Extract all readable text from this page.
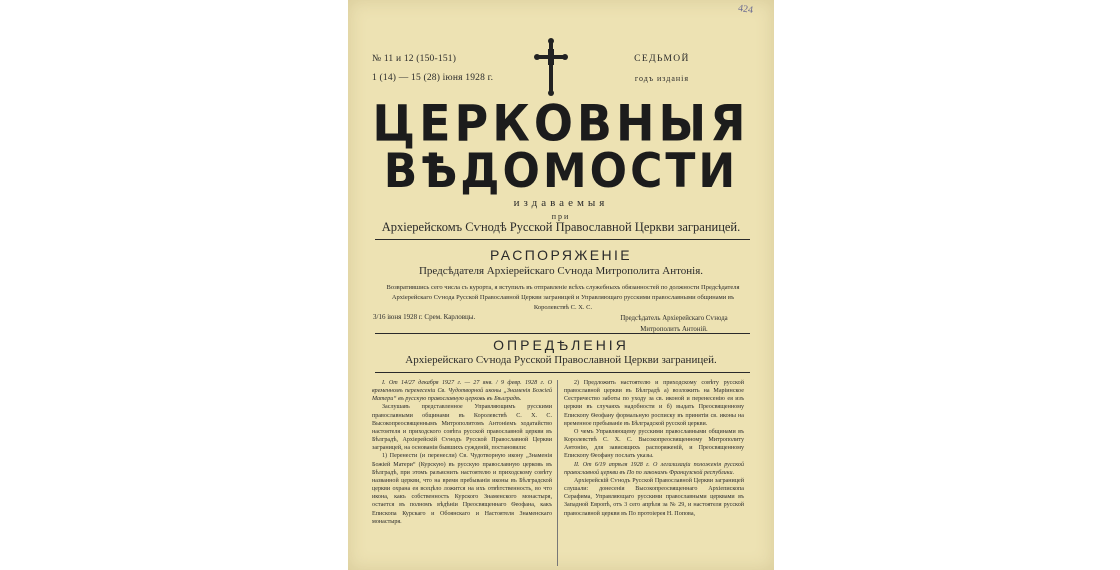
424
№ 11 и 12 (150-151)
1 (14) — 15 (28) iюня 1928 г.
СЕДЬМОЙ
годъ изданiя
ЦЕРКОВНЫЯ
ВѢДОМОСТИ
издаваемыя
при
Архiерейскомъ Сѵнодѣ Русской Православной Церкви заграницей.
РАСПОРЯЖЕНIЕ
Предсѣдателя Архiерейскаго Сѵнода Митрополита Антонiя.
Возвратившись сего числа съ курорта, я вступилъ въ отправленiе всѣхъ служебныхъ обязанностей по должности Предсѣдателя Архiерейскаго Сѵнода Русской Православной Церкви заграницей и Управляющаго русскими православными общинами въ Королевствѣ С. Х. С.
3/16 iюня 1928 г. Срем. Карловцы.	Предсѣдатель Архiерейскаго Сѵнода
Митрополитъ Антонiй.
ОПРЕДѢЛЕНIЯ
Архiерейскаго Сѵнода Русской Православной Церкви заграницей.

I. От 14/27 декабря 1927 г. — 27 янв. / 9 февр. 1928 г. О временномъ перенесенiи Св. Чудотворной иконы „Знаменiя Божiей Матери“ въ русскую православную церковь въ Бѣлградѣ.

Заслушавъ представленное Управляющимъ русскими православными общинами въ Королевствѣ С. Х. С. Высокопреосвященнымъ Митрополитомъ Антонiемъ ходатайство настоятеля и приходского совѣта русской православной церкви въ Бѣлградѣ, Архiерейскiй Сѵнодъ Русской Православной Церкви заграницей, на основанiи бывшихъ сужденiй, постановили:

1) Перенести (и перенесли) Св. Чудотворную икону „Знаменiя Божiей Матери“ (Курскую) въ русскую православную церковь въ Бѣлградѣ, при этомъ разъяснить настоятелю и приходскому совѣту названной церкви, что на время пребыванiя иконы въ Бѣлградской церкви охрана ея всецѣло ложится на ихъ отвѣтственность, во что икона, какъ собственность Курского Знаменского монастыря, остается въ полномъ вѣдѣнiи Преосвященнаго Ѳеофана, какъ Епископа Курскаго и Обоянскаго и Настоятеля Знаменскаго монастыря.

2) Предложить настоятелю и приходскому совѣту русской православной церкви въ Бѣлградѣ а) возложить на Марiинское Сестричество заботы по уходу за св. иконой и перенесенiю ея изъ церкви въ случаяхъ надобности и б) выдать Преосвященному Епископу Ѳеофану формальную росписку въ принятiи св. иконы на временное пребыванiе въ Бѣлградской русской церкви.

О чемъ Управляющему русскими православными общинами въ Королевствѣ С. Х. С. Высокопреосвященному Митрополиту Антонiю, для зависящихъ распоряженiй, и Преосвященному Епископу Ѳеофану послать указы.

II. От 6/19 апрѣля 1928 г. О легализацiи положенiя русской православной церкви въ По по законамъ Французской республики.

Архiерейскiй Сѵнодъ Русской Православной Церкви заграницей слушали: донесенiя Высокопреосвященнаго Архiепископа Серафима, Управляющаго русскими православными церквами въ Западной Европѣ, отъ 3 сего апрѣля за № 29, и настоятеля русской православной церкви въ По протоiерея Н. Попова,
